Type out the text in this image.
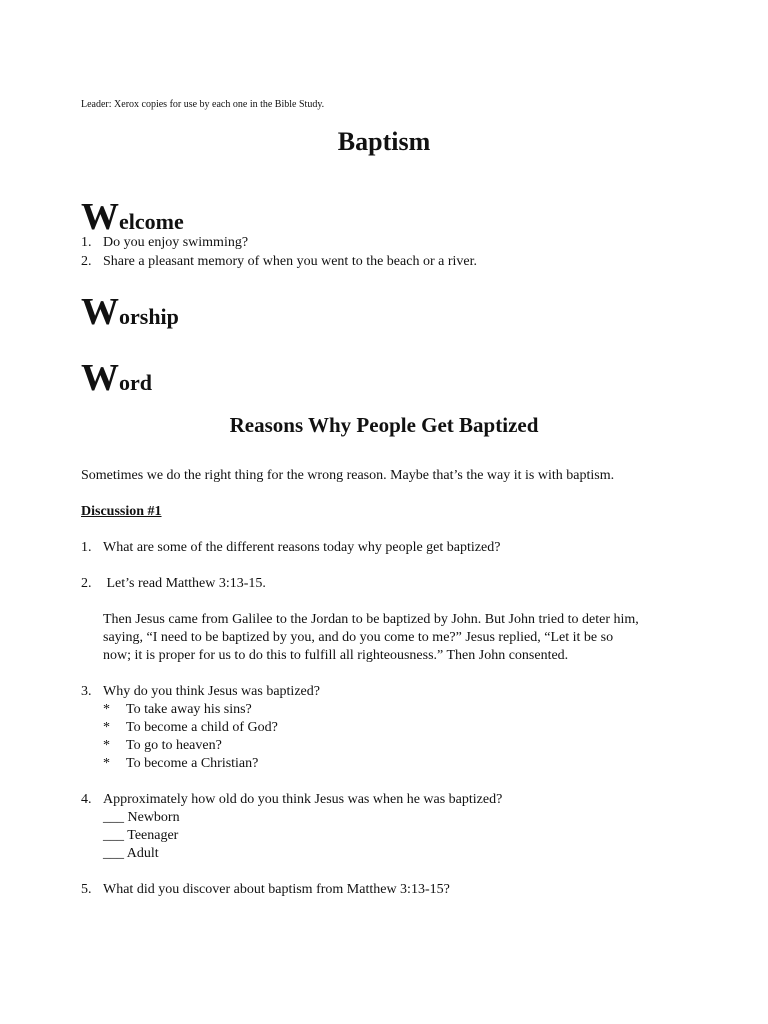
Leader: Xerox copies for use by each one in the Bible Study.
Baptism
Welcome
1. Do you enjoy swimming?
2. Share a pleasant memory of when you went to the beach or a river.
Worship
Word
Reasons Why People Get Baptized
Sometimes we do the right thing for the wrong reason. Maybe that’s the way it is with baptism.
Discussion #1
1. What are some of the different reasons today why people get baptized?
2. Let’s read Matthew 3:13-15.
Then Jesus came from Galilee to the Jordan to be baptized by John. But John tried to deter him,
saying, “I need to be baptized by you, and do you come to me?” Jesus replied, “Let it be so
now; it is proper for us to do this to fulfill all righteousness.” Then John consented.
3. Why do you think Jesus was baptized?
* To take away his sins?
* To become a child of God?
* To go to heaven?
* To become a Christian?
4. Approximately how old do you think Jesus was when he was baptized?
___ Newborn
___ Teenager
___ Adult
5. What did you discover about baptism from Matthew 3:13-15?
